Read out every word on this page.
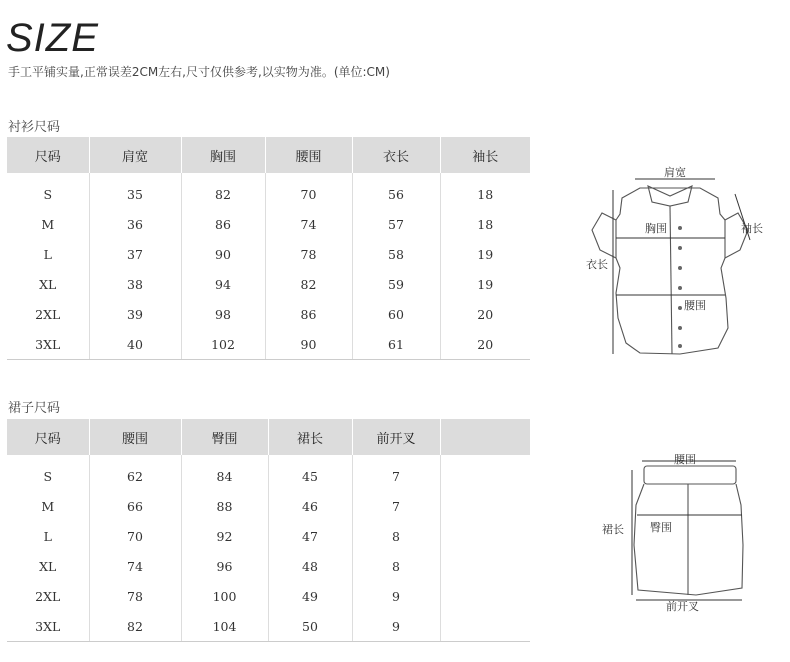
SIZE
手工平铺实量,正常误差2CM左右,尺寸仅供参考,以实物为准。(单位:CM)
衬衫尺码
尺码	肩宽	胸围	腰围	衣长	袖长
S	35	82	70	56	18
M	36	86	74	57	18
L	37	90	78	58	19
XL	38	94	82	59	19
2XL	39	98	86	60	20
3XL	40	102	90	61	20
裙子尺码
尺码	腰围	臀围	裙长	前开叉	
S	62	84	45	7	
M	66	88	46	7	
L	70	92	47	8	
XL	74	96	48	8	
2XL	78	100	49	9	
3XL	82	104	50	9	
肩宽
胸围	袖长
衣长
腰围
腰围
臀围
裙长
前开叉
